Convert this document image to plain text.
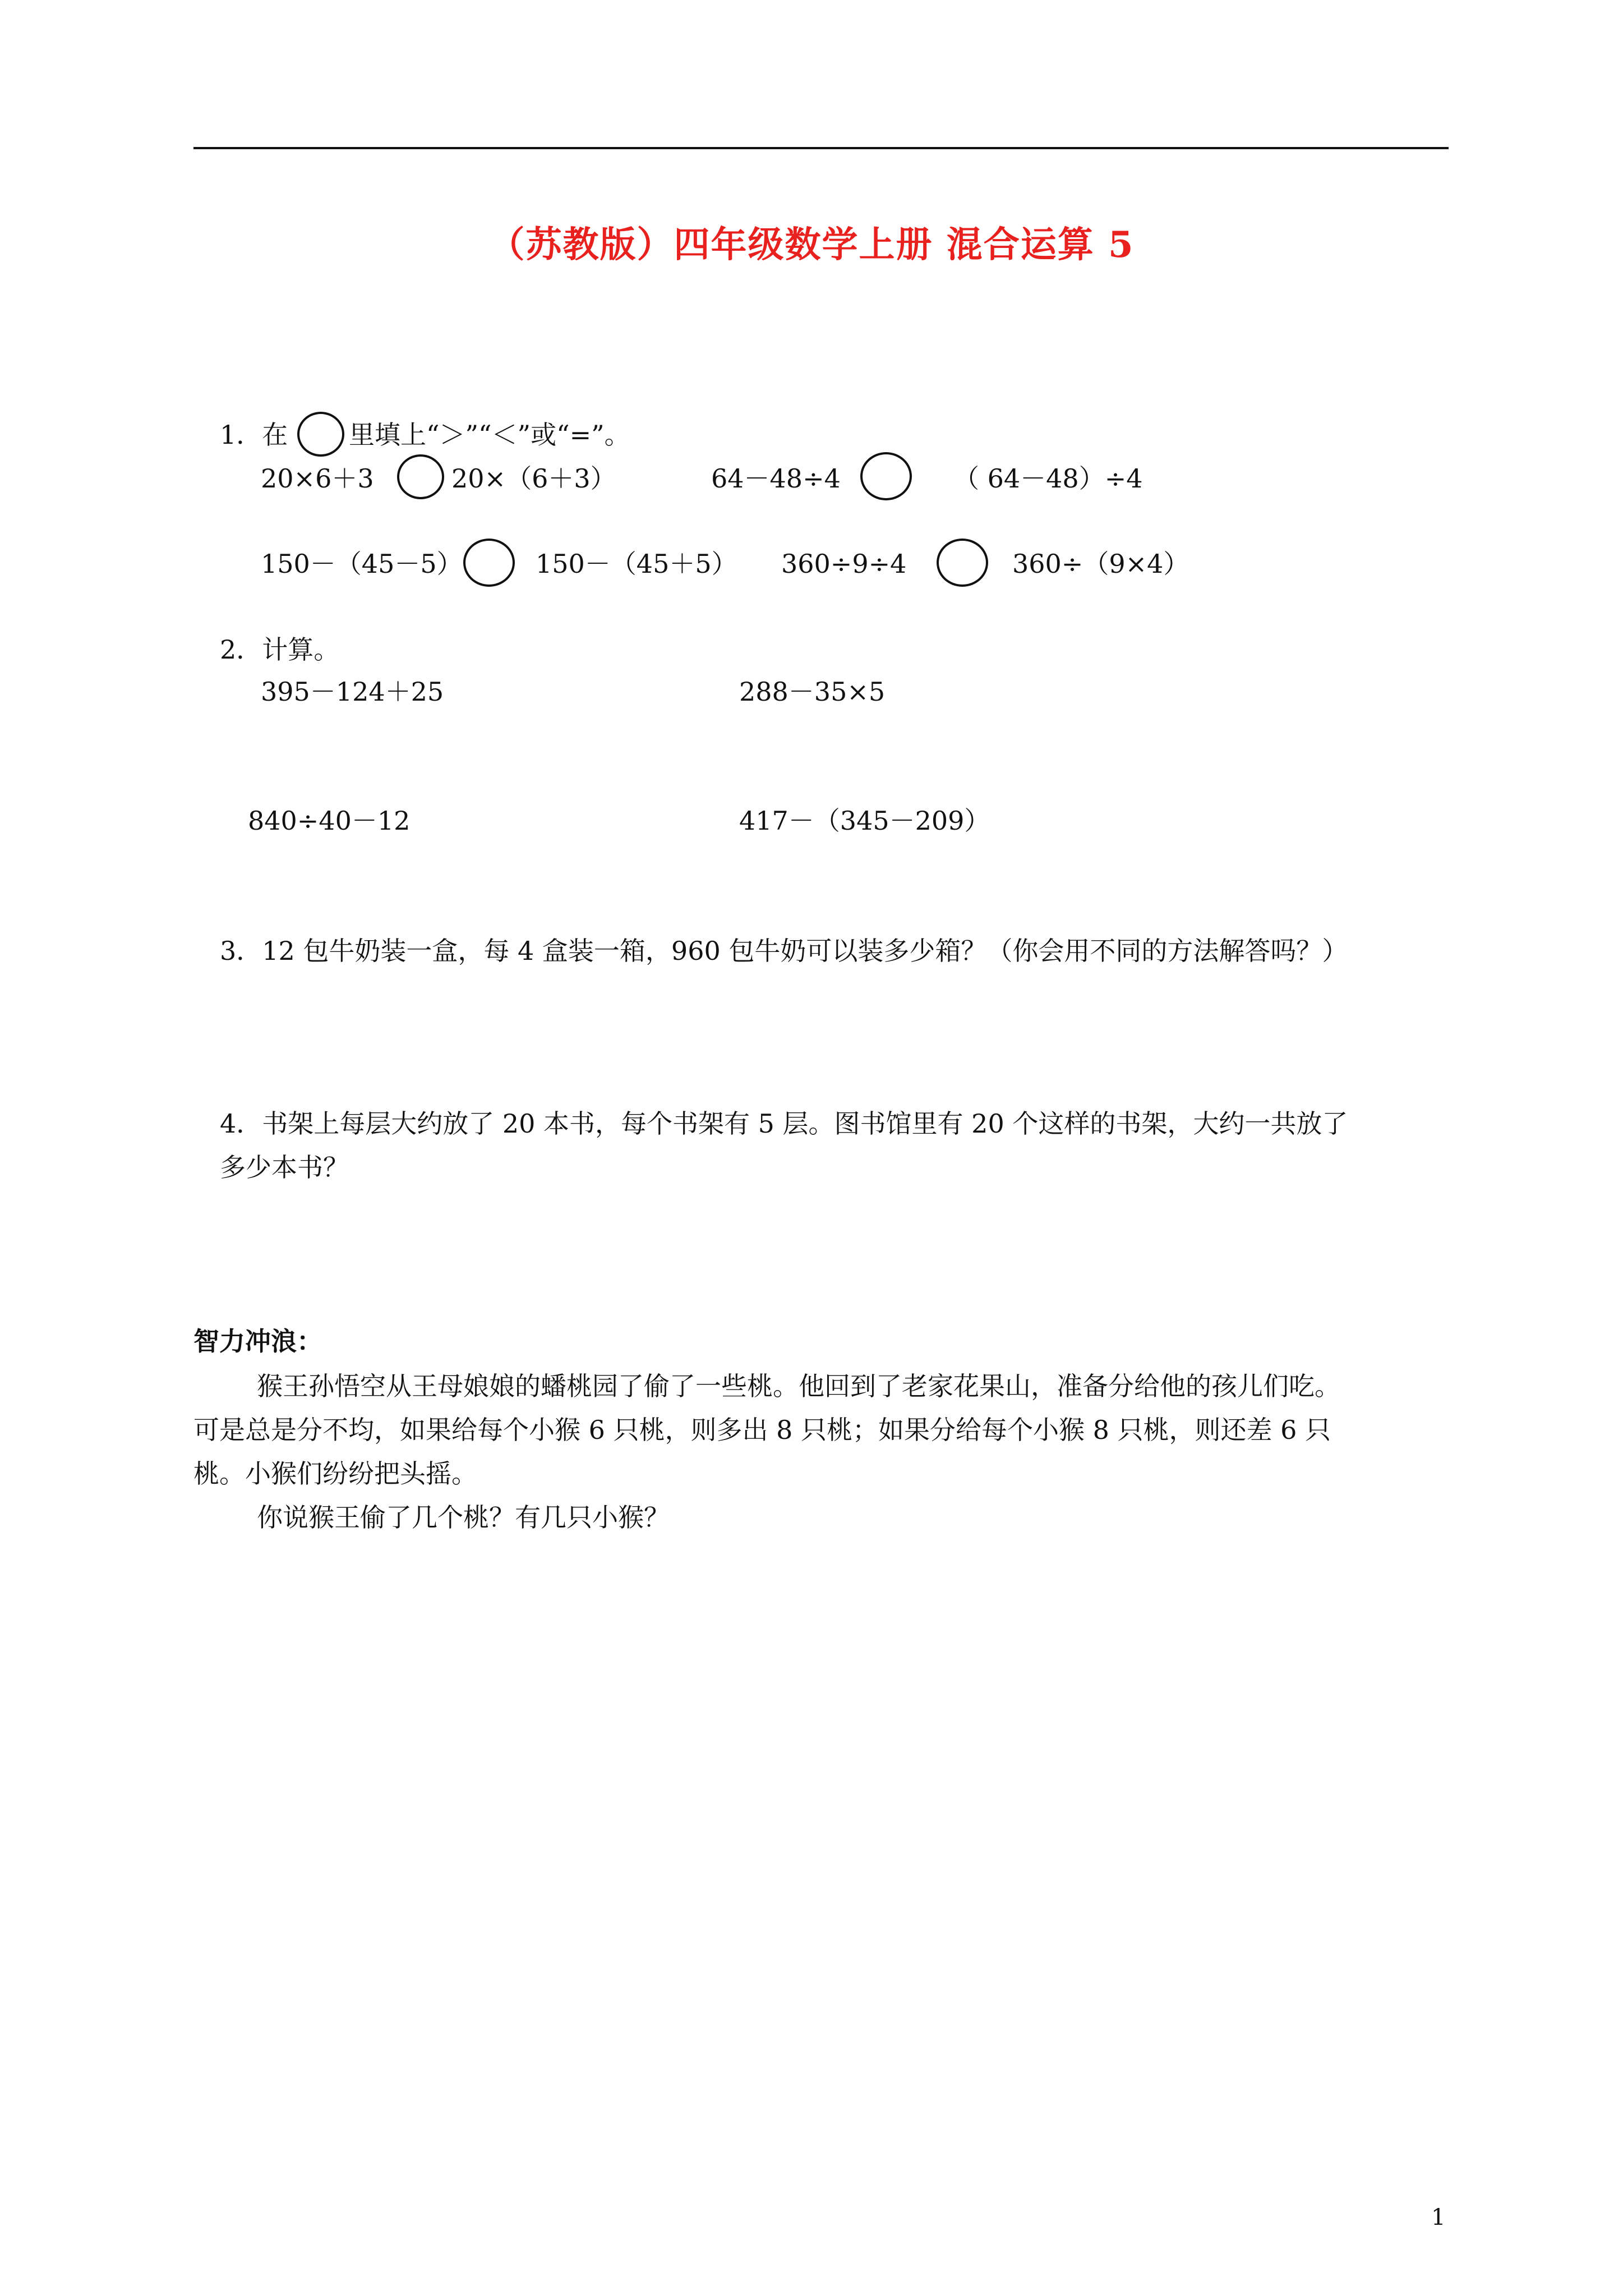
（苏教版）四年级数学上册 混合运算 5
1．在 里填上“＞”“＜”或“=”。
20×6＋3	20×（6＋3）	64－48÷4	（ 64－48）÷4
150－（45－5）	150－（45＋5） 360÷9÷4	360÷（9×4）
2．计算。
395－124＋25	288－35×5
840÷40－12	417－（345－209）
3．12 包牛奶装一盒，每 4 盒装一箱，960 包牛奶可以装多少箱？（你会用不同的方法解答吗？）
4．书架上每层大约放了 20 本书，每个书架有 5 层。图书馆里有 20 个这样的书架，大约一共放了
多少本书？
智力冲浪：
猴王孙悟空从王母娘娘的蟠桃园了偷了一些桃。他回到了老家花果山，准备分给他的孩儿们吃。
可是总是分不均，如果给每个小猴 6 只桃，则多出 8 只桃；如果分给每个小猴 8 只桃，则还差 6 只
桃。小猴们纷纷把头摇。
你说猴王偷了几个桃？有几只小猴？
1
